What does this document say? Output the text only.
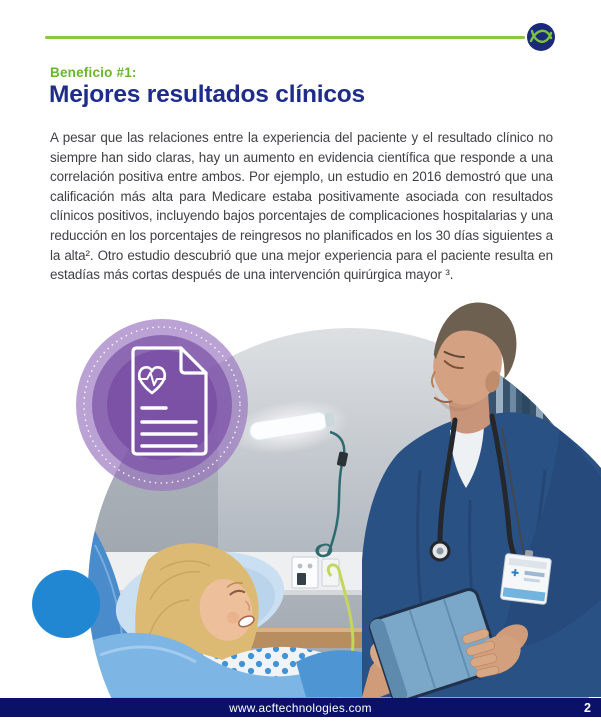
Beneficio #1:
Mejores resultados clínicos

A pesar que las relaciones entre la experiencia del paciente y el resultado clínico no siempre han sido claras, hay un aumento en evidencia científica que responde a una correlación positiva entre ambos. Por ejemplo, un estudio en 2016 demostró que una calificación más alta para Medicare estaba positivamente asociada con resultados clínicos positivos, incluyendo bajos porcentajes de complicaciones hospitalarias y una reducción en los porcentajes de reingresos no planificados en los 30 días siguientes a la alta². Otro estudio descubrió que una mejor experiencia para el paciente resulta en estadías más cortas después de una intervención quirúrgica mayor ³.

www.acftechnologies.com	2
